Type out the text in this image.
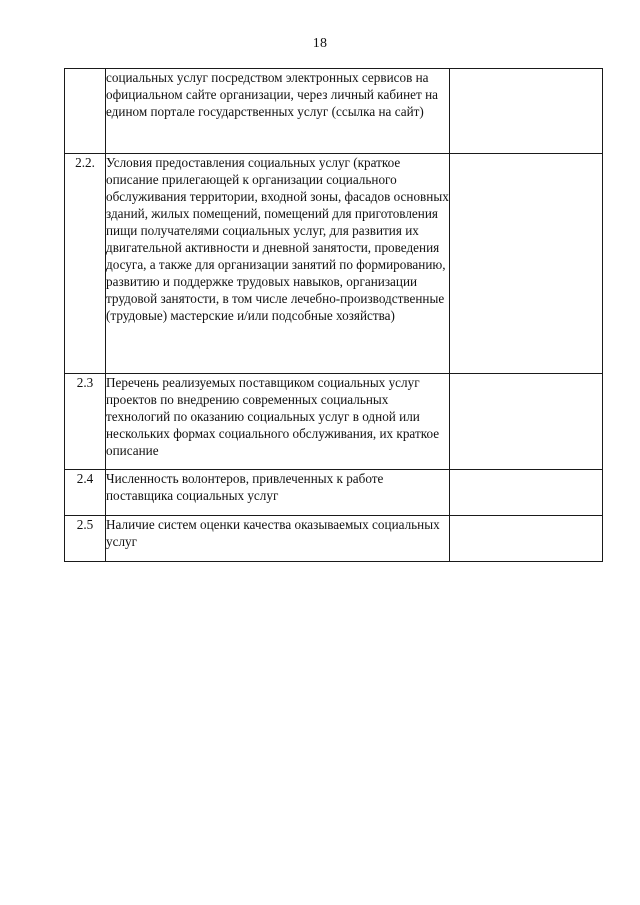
18

	социальных услуг посредством электронных сервисов на официальном сайте организации, через личный кабинет на едином портале государственных услуг (ссылка на сайт)	

2.2.	Условия предоставления социальных услуг (краткое описание прилегающей к организации социального обслуживания территории, входной зоны, фасадов основных зданий, жилых помещений, помещений для приготовления пищи получателями социальных услуг, для развития их двигательной активности и дневной занятости, проведения досуга, а также для организации занятий по формированию, развитию и поддержке трудовых навыков, организации трудовой занятости, в том числе лечебно-производственные (трудовые) мастерские и/или подсобные хозяйства)	

2.3	Перечень реализуемых поставщиком социальных услуг проектов по внедрению современных социальных технологий по оказанию социальных услуг в одной или нескольких формах социального обслуживания, их краткое описание	

2.4	Численность волонтеров, привлеченных к работе поставщика социальных услуг	

2.5	Наличие систем оценки качества оказываемых социальных услуг	
